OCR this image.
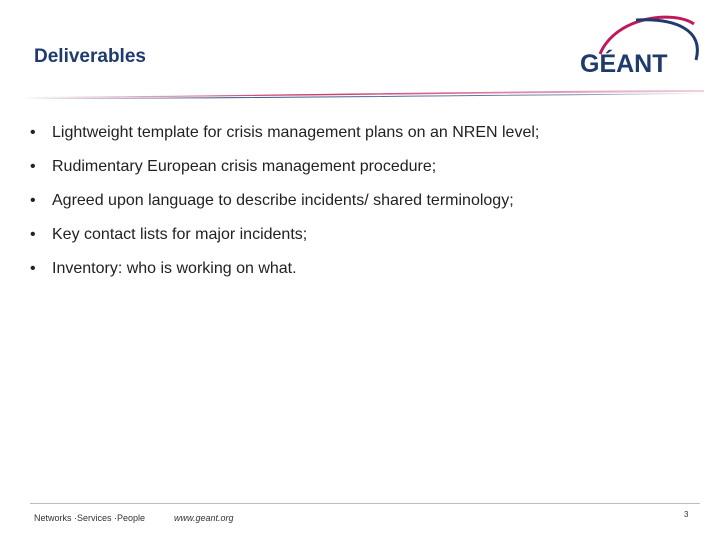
Deliverables	GÉANT
• Lightweight template for crisis management plans on an NREN level;
• Rudimentary European crisis management procedure;
• Agreed upon language to describe incidents/ shared terminology;
• Key contact lists for major incidents;
• Inventory: who is working on what.
Networks ·Services ·People	www.geant.org	3
